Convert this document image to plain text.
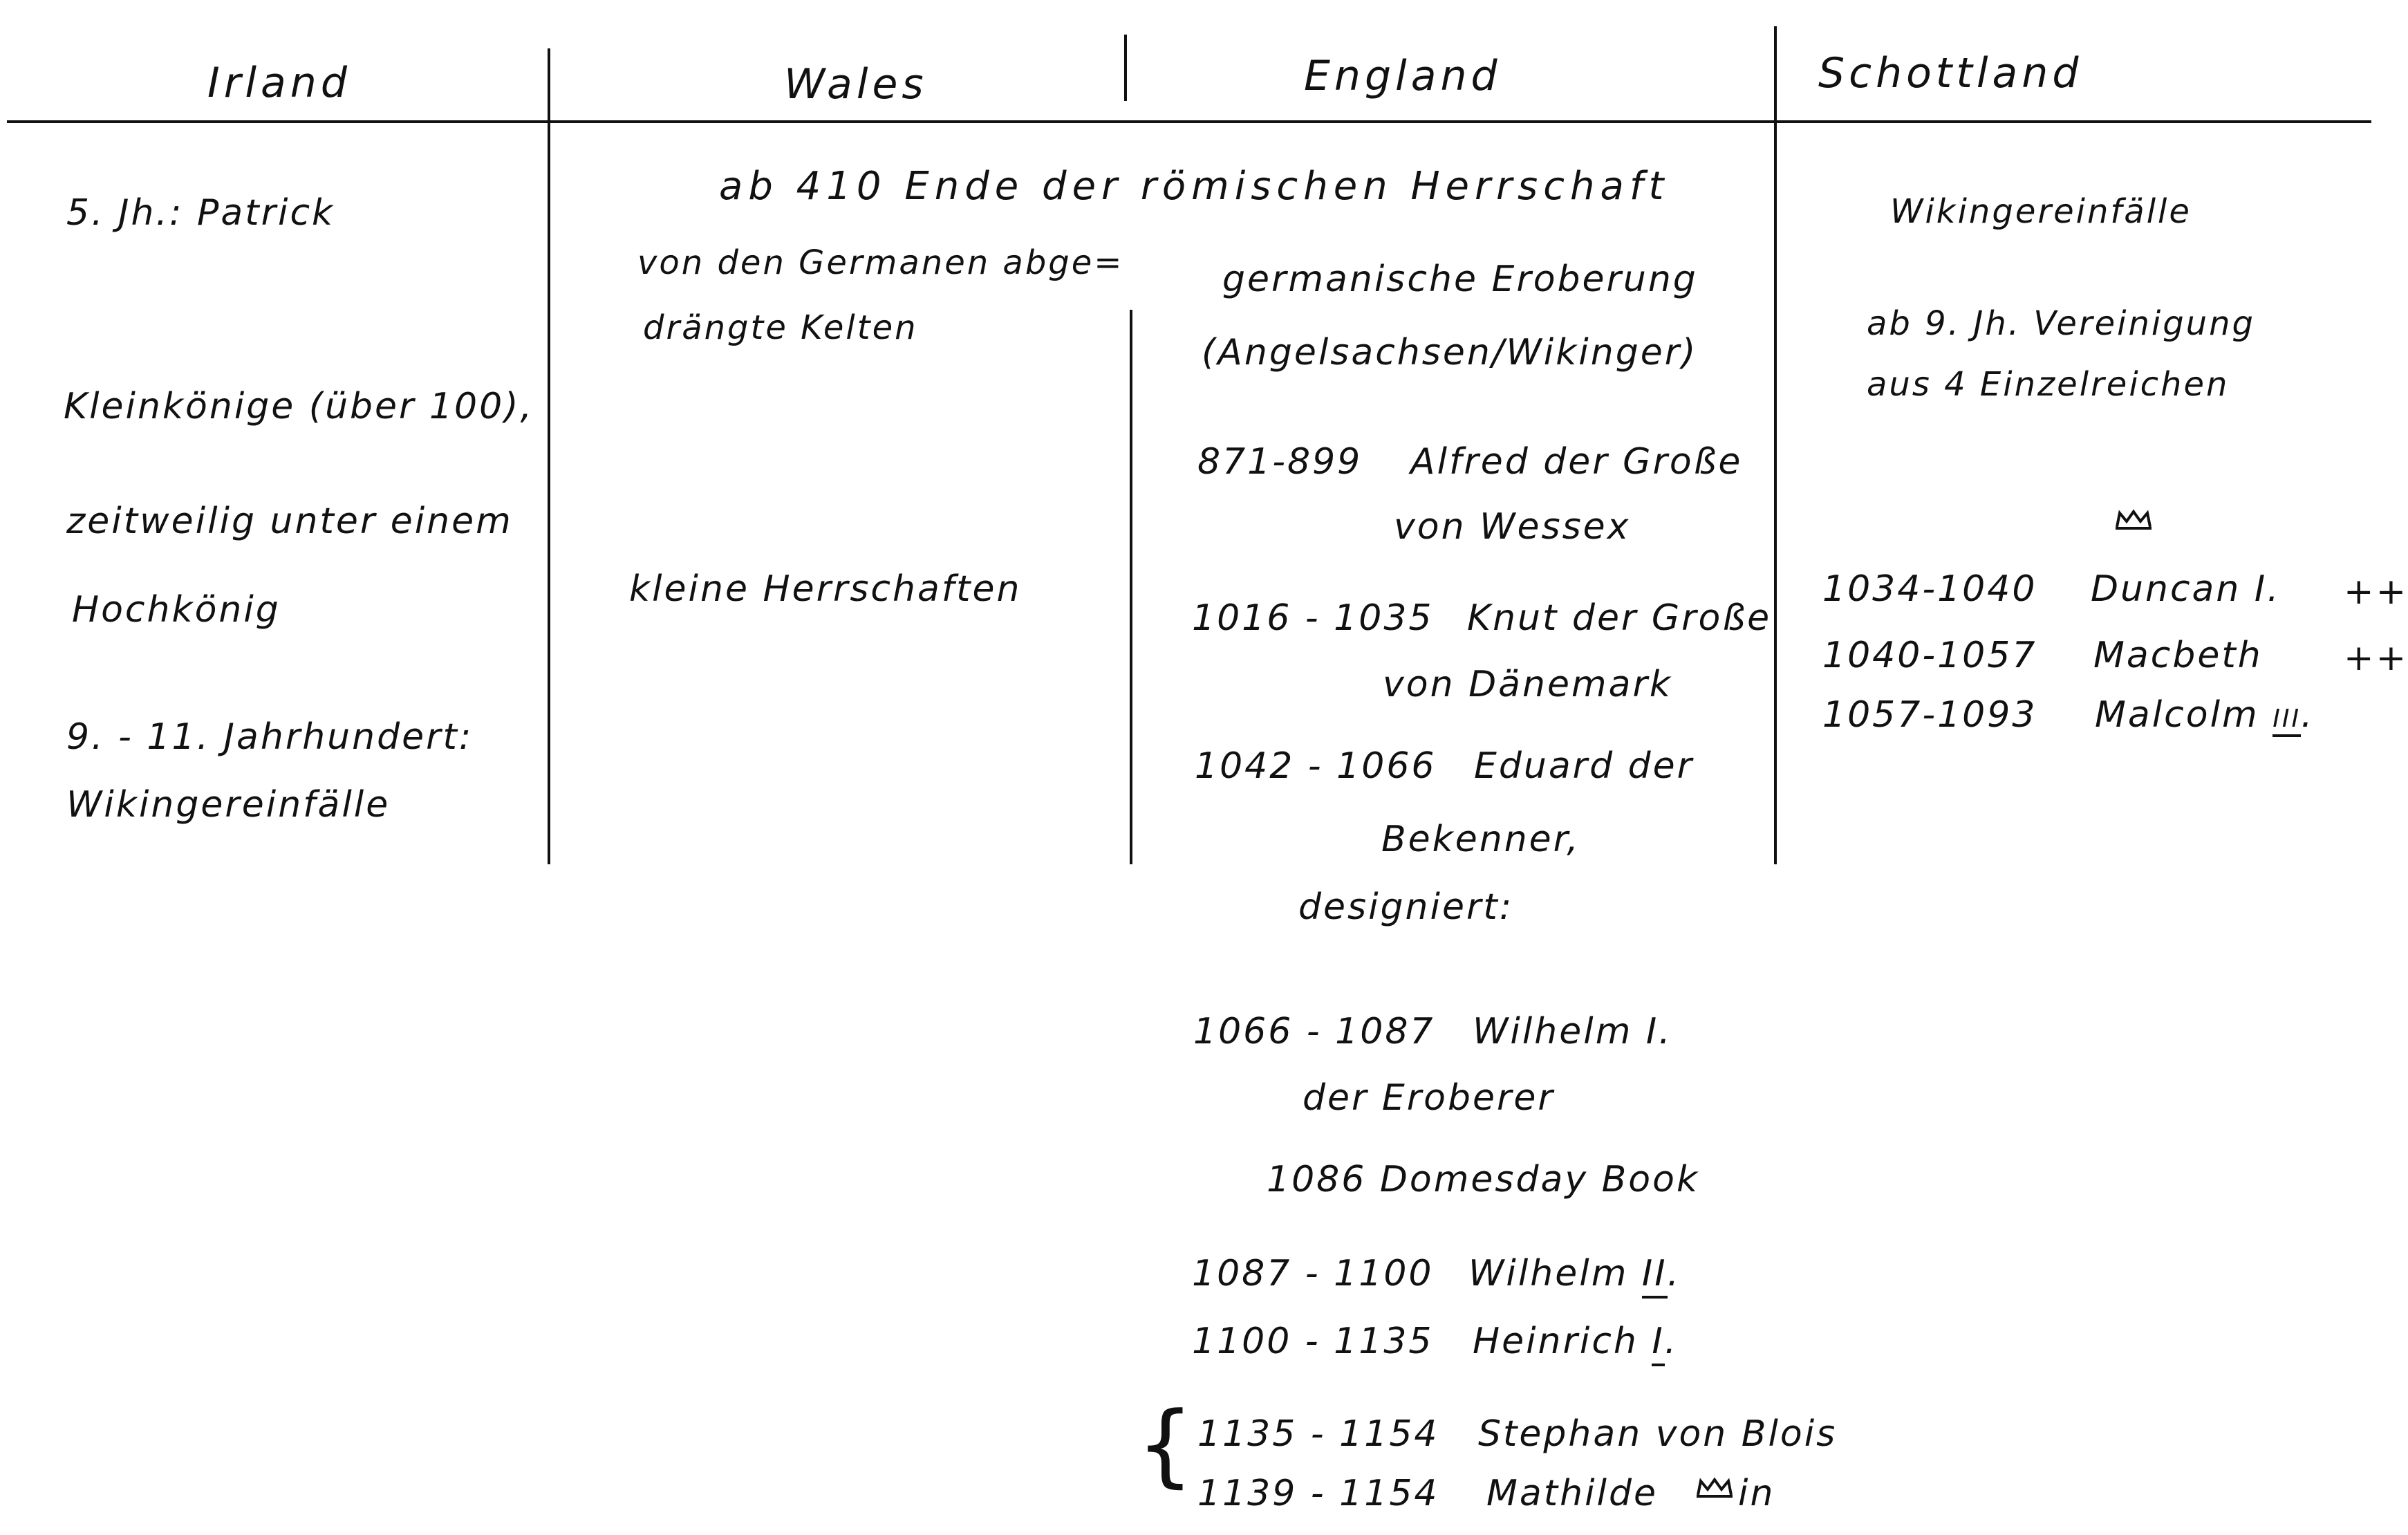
Irland	Wales	England	Schottland
ab 410 Ende der römischen Herrschaft
5. Jh.: Patrick
Kleinkönige (über 100),
zeitweilig unter einem
Hochkönig
9. - 11. Jahrhundert:
Wikingereinfälle
von den Germanen abge=
drängte Kelten
kleine Herrschaften
germanische Eroberung
(Angelsachsen/Wikinger)
871-899 Alfred der Große
von Wessex
1016 - 1035 Knut der Große
von Dänemark
1042 - 1066 Eduard der
Bekenner,
designiert:
1066 - 1087 Wilhelm I.
der Eroberer
1086 Domesday Book
1087 - 1100 Wilhelm II.
1100 - 1135 Heinrich I.
{ 1135 - 1154 Stephan von Blois
1139 - 1154 Mathilde in
Wikingereinfälle
ab 9. Jh. Vereinigung
aus 4 Einzelreichen
1034-1040 Duncan I. ++
1040-1057 Macbeth ++
1057-1093 Malcolm III.
